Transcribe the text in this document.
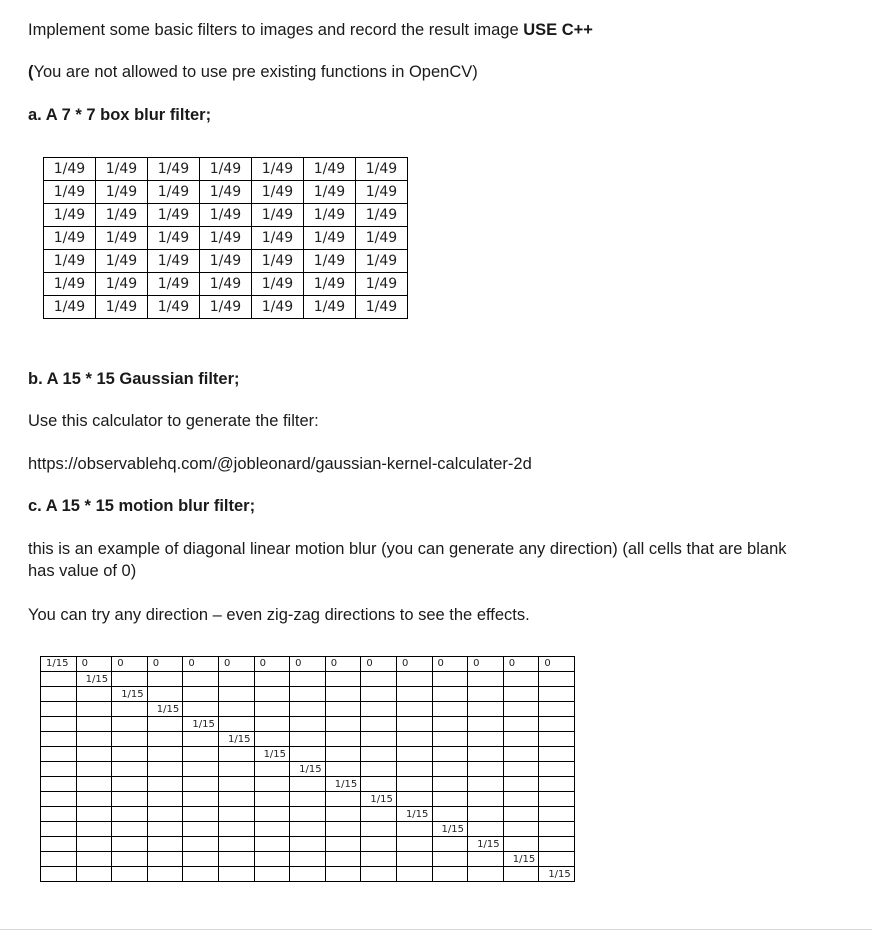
Implement some basic filters to images and record the result image USE C++
(You are not allowed to use pre existing functions in OpenCV)
a. A 7 * 7 box blur filter;
1/49	1/49	1/49	1/49	1/49	1/49	1/49
1/49	1/49	1/49	1/49	1/49	1/49	1/49
1/49	1/49	1/49	1/49	1/49	1/49	1/49
1/49	1/49	1/49	1/49	1/49	1/49	1/49
1/49	1/49	1/49	1/49	1/49	1/49	1/49
1/49	1/49	1/49	1/49	1/49	1/49	1/49
1/49	1/49	1/49	1/49	1/49	1/49	1/49
b. A 15 * 15 Gaussian filter;
Use this calculator to generate the filter:
https://observablehq.com/@jobleonard/gaussian-kernel-calculater-2d
c. A 15 * 15 motion blur filter;
this is an example of diagonal linear motion blur (you can generate any direction) (all cells that are blank has value of 0)
You can try any direction – even zig-zag directions to see the effects.
1/15	0	0	0	0	0	0	0	0	0	0	0	0	0	0
	1/15													
		1/15												
			1/15											
				1/15										
					1/15									
						1/15								
							1/15							
								1/15						
									1/15					
										1/15				
											1/15			
												1/15		
													1/15	
														1/15
